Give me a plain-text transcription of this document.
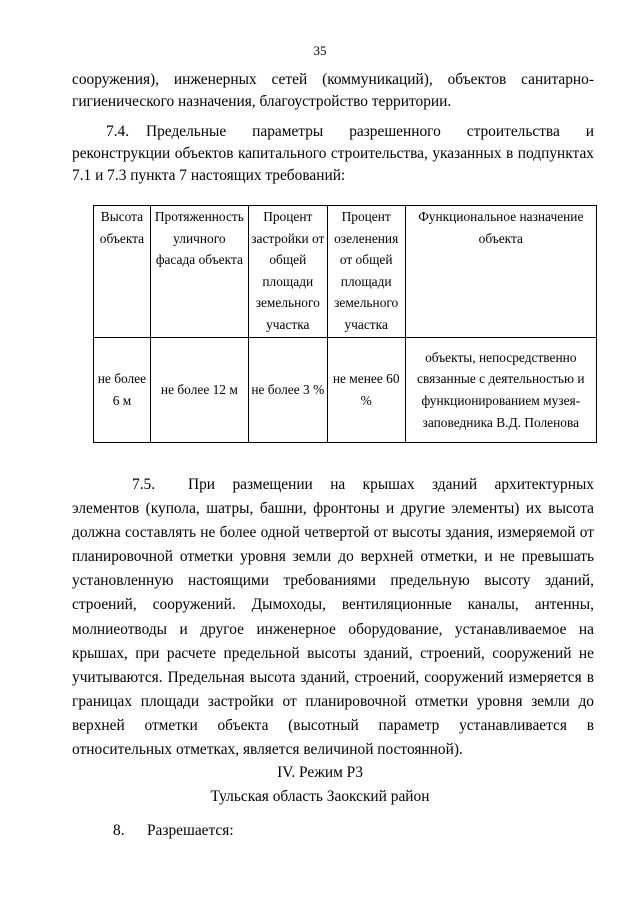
35

сооружения), инженерных сетей (коммуникаций), объектов санитарно-гигиенического назначения, благоустройство территории.

7.4. Предельные параметры разрешенного строительства и реконструкции объектов капитального строительства, указанных в подпунктах 7.1 и 7.3 пункта 7 настоящих требований:

Высота объекта	Протяженность уличного фасада объекта	Процент застройки от общей площади земельного участка	Процент озеленения от общей площади земельного участка	Функциональное назначение объекта
не более 6 м	не более 12 м	не более 3 %	не менее 60 %	объекты, непосредственно связанные с деятельностью и функционированием музея-заповедника В.Д. Поленова

7.5. При размещении на крышах зданий архитектурных элементов (купола, шатры, башни, фронтоны и другие элементы) их высота должна составлять не более одной четвертой от высоты здания, измеряемой от планировочной отметки уровня земли до верхней отметки, и не превышать установленную настоящими требованиями предельную высоту зданий, строений, сооружений. Дымоходы, вентиляционные каналы, антенны, молниеотводы и другое инженерное оборудование, устанавливаемое на крышах, при расчете предельной высоты зданий, строений, сооружений не учитываются. Предельная высота зданий, строений, сооружений измеряется в границах площади застройки от планировочной отметки уровня земли до верхней отметки объекта (высотный параметр устанавливается в относительных отметках, является величиной постоянной).

IV. Режим Р3
Тульская область Заокский район
8. Разрешается:
